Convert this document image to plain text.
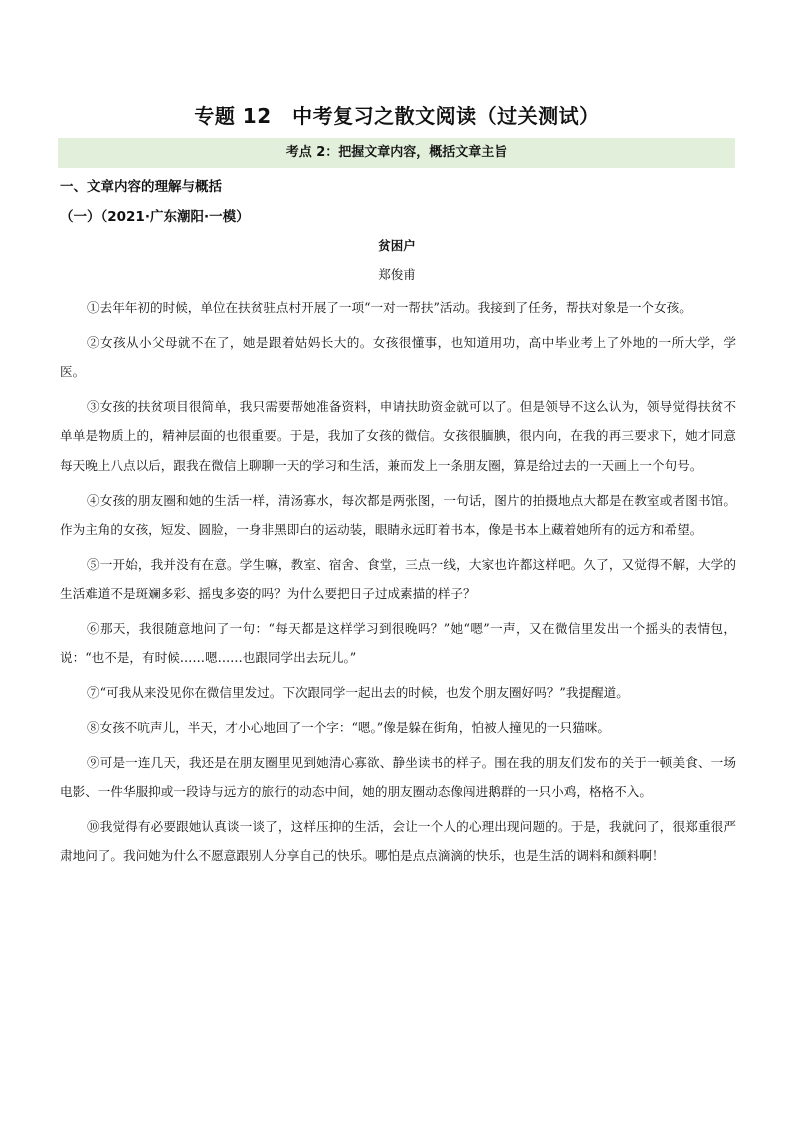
专题 12　中考复习之散文阅读（过关测试）
考点 2：把握文章内容，概括文章主旨
一、文章内容的理解与概括
（一）（2021·广东潮阳·一模）
贫困户
郑俊甫

①去年年初的时候，单位在扶贫驻点村开展了一项“一对一帮扶”活动。我接到了任务，帮扶对象是一个女孩。

②女孩从小父母就不在了，她是跟着姑妈长大的。女孩很懂事，也知道用功，高中毕业考上了外地的一所大学，学医。

③女孩的扶贫项目很简单，我只需要帮她准备资料，申请扶助资金就可以了。但是领导不这么认为，领导觉得扶贫不单单是物质上的，精神层面的也很重要。于是，我加了女孩的微信。女孩很腼腆，很内向，在我的再三要求下，她才同意每天晚上八点以后，跟我在微信上聊聊一天的学习和生活，兼而发上一条朋友圈，算是给过去的一天画上一个句号。

④女孩的朋友圈和她的生活一样，清汤寡水，每次都是两张图，一句话，图片的拍摄地点大都是在教室或者图书馆。作为主角的女孩，短发、圆脸，一身非黑即白的运动装，眼睛永远盯着书本，像是书本上藏着她所有的远方和希望。

⑤一开始，我并没有在意。学生嘛，教室、宿舍、食堂，三点一线，大家也许都这样吧。久了，又觉得不解，大学的生活难道不是斑斓多彩、摇曳多姿的吗？为什么要把日子过成素描的样子？

⑥那天，我很随意地问了一句：“每天都是这样学习到很晚吗？”她“嗯”一声，又在微信里发出一个摇头的表情包，说：“也不是，有时候……嗯……也跟同学出去玩儿。”

⑦“可我从来没见你在微信里发过。下次跟同学一起出去的时候，也发个朋友圈好吗？”我提醒道。

⑧女孩不吭声儿，半天，才小心地回了一个字：“嗯。”像是躲在街角，怕被人撞见的一只猫咪。

⑨可是一连几天，我还是在朋友圈里见到她清心寡欲、静坐读书的样子。围在我的朋友们发布的关于一顿美食、一场电影、一件华服抑或一段诗与远方的旅行的动态中间，她的朋友圈动态像闯进鹅群的一只小鸡，格格不入。

⑩我觉得有必要跟她认真谈一谈了，这样压抑的生活，会让一个人的心理出现问题的。于是，我就问了，很郑重很严肃地问了。我问她为什么不愿意跟别人分享自己的快乐。哪怕是点点滴滴的快乐，也是生活的调料和颜料啊！
